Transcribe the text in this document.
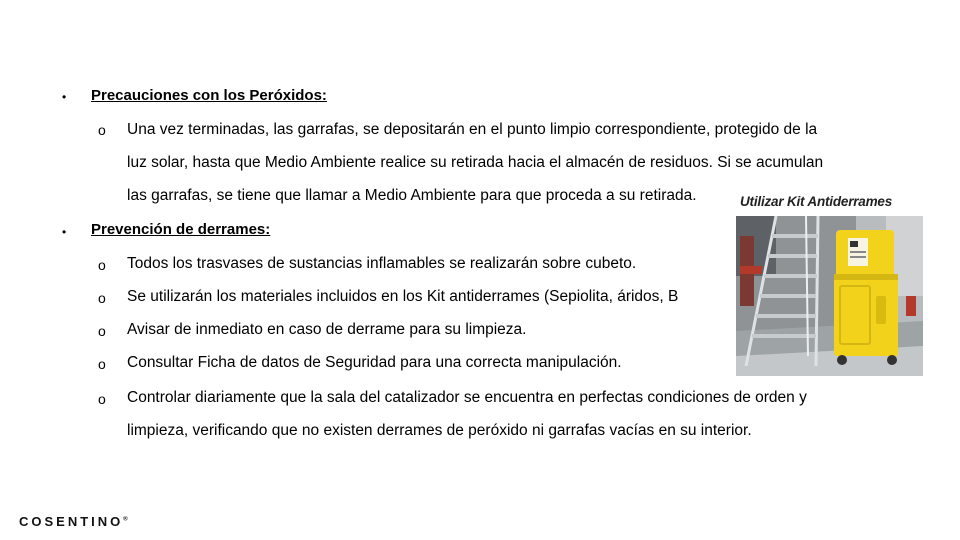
• Precauciones con los Peróxidos:
o Una vez terminadas, las garrafas, se depositarán en el punto limpio correspondiente, protegido de la
luz solar, hasta que Medio Ambiente realice su retirada hacia el almacén de residuos. Si se acumulan
las garrafas, se tiene que llamar a Medio Ambiente para que proceda a su retirada.
• Prevención de derrames:
o Todos los trasvases de sustancias inflamables se realizarán sobre cubeto.
o Se utilizarán los materiales incluidos en los Kit antiderrames (Sepiolita, áridos, B
o Avisar de inmediato en caso de derrame para su limpieza.
o Consultar Ficha de datos de Seguridad para una correcta manipulación.
o Controlar diariamente que la sala del catalizador se encuentra en perfectas condiciones de orden y
limpieza, verificando que no existen derrames de peróxido ni garrafas vacías en su interior.
Utilizar Kit Antiderrames
COSENTINO®
